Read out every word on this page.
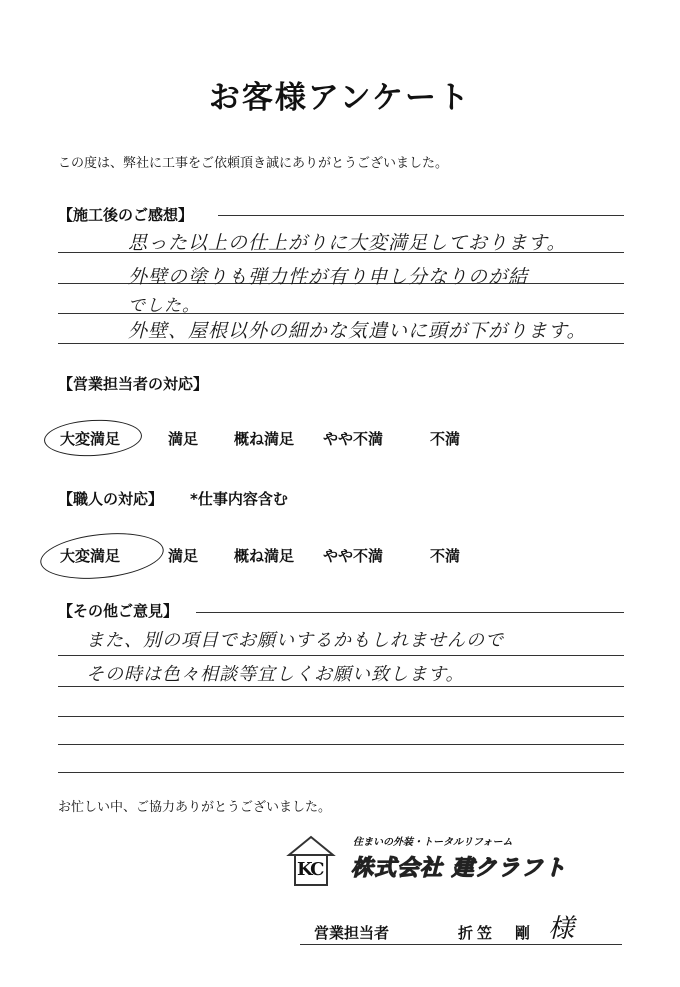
お客様アンケート
この度は、弊社に工事をご依頼頂き誠にありがとうございました。
【施工後のご感想】
思った以上の仕上がりに大変満足しております。
外壁の塗りも弾力性が有り申し分なりのが結
でした。
外壁、屋根以外の細かな気遣いに頭が下がります。
【営業担当者の対応】
大変満足	満足 概ね満足 やや不満	不満
【職人の対応】 *仕事内容含む
大変満足	満足 概ね満足 やや不満	不満
【その他ご意見】
また、別の項目でお願いするかもしれませんので
その時は色々相談等宜しくお願い致します。
お忙しい中、ご協力ありがとうございました。
KC
住まいの外装・トータルリフォーム
株式会社 建クラフト
営業担当者	折笠　剛 様
